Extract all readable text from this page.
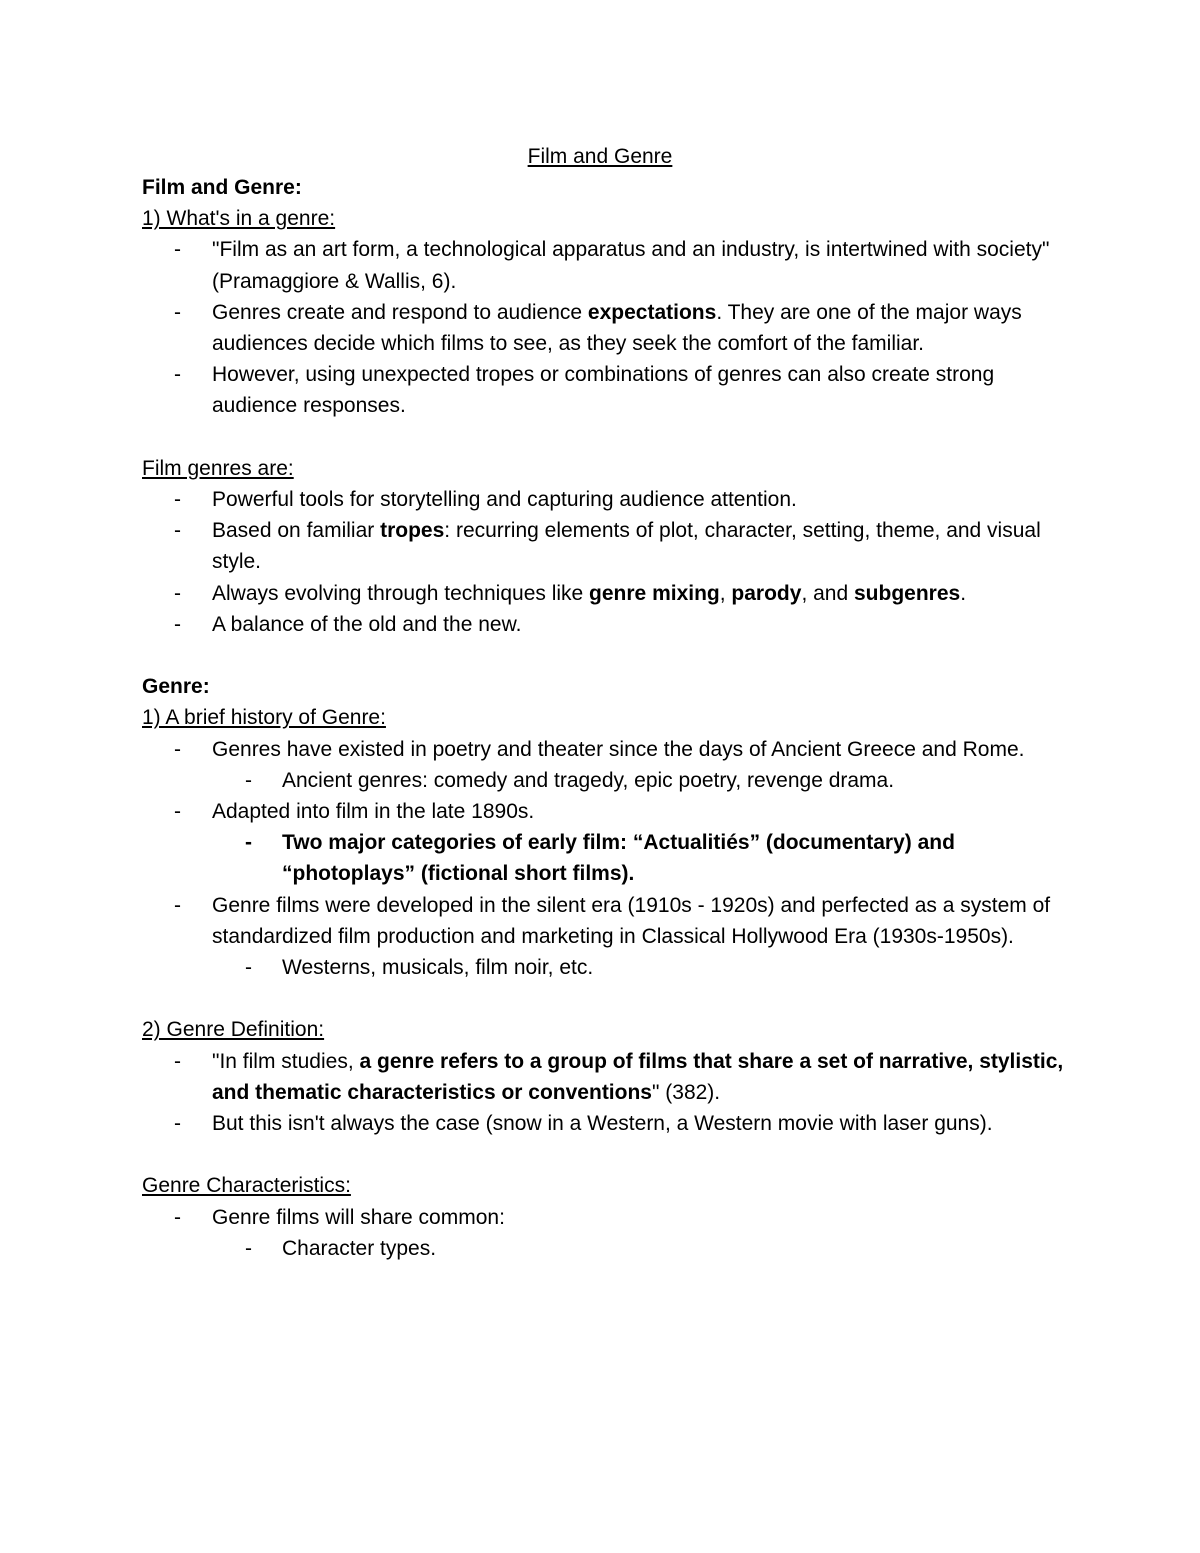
Film and Genre
Film and Genre:
1) What's in a genre:
- "Film as an art form, a technological apparatus and an industry, is intertwined with society" (Pramaggiore & Wallis, 6).
- Genres create and respond to audience expectations. They are one of the major ways audiences decide which films to see, as they seek the comfort of the familiar.
- However, using unexpected tropes or combinations of genres can also create strong audience responses.
Film genres are:
- Powerful tools for storytelling and capturing audience attention.
- Based on familiar tropes: recurring elements of plot, character, setting, theme, and visual style.
- Always evolving through techniques like genre mixing, parody, and subgenres.
- A balance of the old and the new.
Genre:
1) A brief history of Genre:
- Genres have existed in poetry and theater since the days of Ancient Greece and Rome.
- Ancient genres: comedy and tragedy, epic poetry, revenge drama.
- Adapted into film in the late 1890s.
- Two major categories of early film: “Actualitiés” (documentary) and “photoplays” (fictional short films).
- Genre films were developed in the silent era (1910s - 1920s) and perfected as a system of standardized film production and marketing in Classical Hollywood Era (1930s-1950s).
- Westerns, musicals, film noir, etc.
2) Genre Definition:
- "In film studies, a genre refers to a group of films that share a set of narrative, stylistic, and thematic characteristics or conventions" (382).
- But this isn't always the case (snow in a Western, a Western movie with laser guns).
Genre Characteristics:
- Genre films will share common:
- Character types.
